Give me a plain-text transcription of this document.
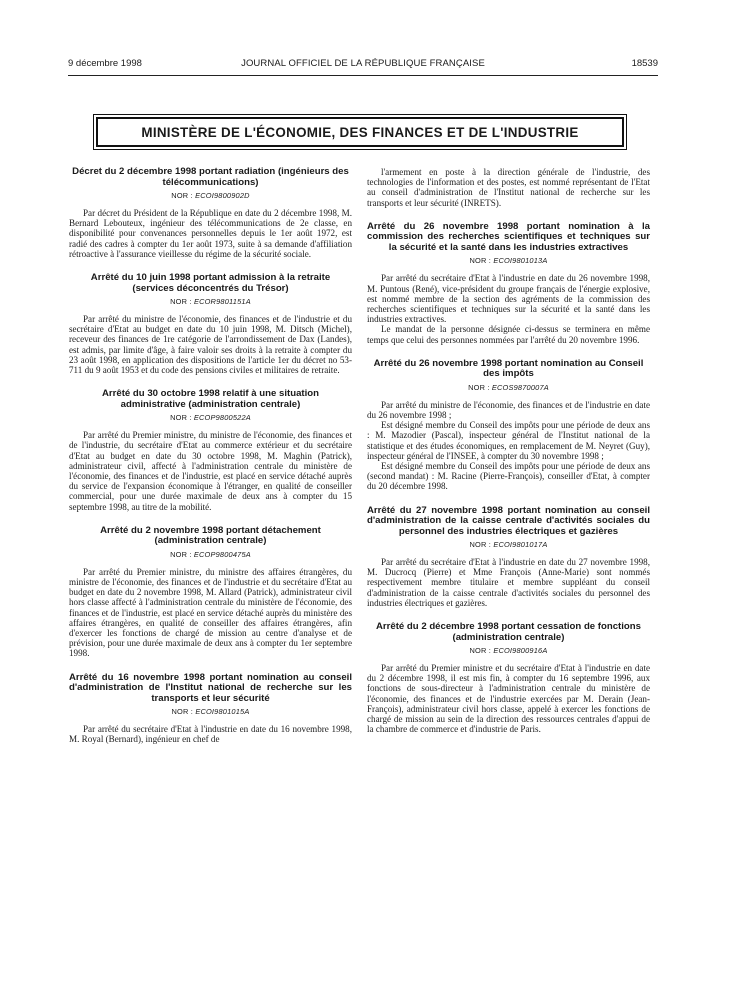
9 décembre 1998	JOURNAL OFFICIEL DE LA RÉPUBLIQUE FRANÇAISE	18539
MINISTÈRE DE L'ÉCONOMIE, DES FINANCES ET DE L'INDUSTRIE
Décret du 2 décembre 1998 portant radiation (ingénieurs des télécommunications)
NOR : ECOI9800902D

Par décret du Président de la République en date du 2 décembre 1998, M. Bernard Lebouteux, ingénieur des télécommunications de 2e classe, en disponibilité pour convenances personnelles depuis le 1er août 1972, est radié des cadres à compter du 1er août 1973, suite à sa demande d'affiliation rétroactive à l'assurance vieillesse du régime de la sécurité sociale.

Arrêté du 10 juin 1998 portant admission à la retraite (services déconcentrés du Trésor)
NOR : ECOR9801151A

Par arrêté du ministre de l'économie, des finances et de l'industrie et du secrétaire d'Etat au budget en date du 10 juin 1998, M. Ditsch (Michel), receveur des finances de 1re catégorie de l'arrondissement de Dax (Landes), est admis, par limite d'âge, à faire valoir ses droits à la retraite à compter du 23 août 1998, en application des dispositions de l'article 1er du décret no 53-711 du 9 août 1953 et du code des pensions civiles et militaires de retraite.

Arrêté du 30 octobre 1998 relatif à une situation administrative (administration centrale)
NOR : ECOP9800522A

Par arrêté du Premier ministre, du ministre de l'économie, des finances et de l'industrie, du secrétaire d'Etat au commerce extérieur et du secrétaire d'Etat au budget en date du 30 octobre 1998, M. Maghin (Patrick), administrateur civil, affecté à l'administration centrale du ministère de l'économie, des finances et de l'industrie, est placé en service détaché auprès du service de l'expansion économique à l'étranger, en qualité de conseiller commercial, pour une durée maximale de deux ans à compter du 15 septembre 1998, au titre de la mobilité.

Arrêté du 2 novembre 1998 portant détachement (administration centrale)
NOR : ECOP9800475A

Par arrêté du Premier ministre, du ministre des affaires étrangères, du ministre de l'économie, des finances et de l'industrie et du secrétaire d'Etat au budget en date du 2 novembre 1998, M. Allard (Patrick), administrateur civil hors classe affecté à l'administration centrale du ministère de l'économie, des finances et de l'industrie, est placé en service détaché auprès du ministère des affaires étrangères, en qualité de conseiller des affaires étrangères, afin d'exercer les fonctions de chargé de mission au centre d'analyse et de prévision, pour une durée maximale de deux ans à compter du 1er septembre 1998.

Arrêté du 16 novembre 1998 portant nomination au conseil d'administration de l'Institut national de recherche sur les transports et leur sécurité
NOR : ECOI9801015A

Par arrêté du secrétaire d'Etat à l'industrie en date du 16 novembre 1998, M. Royal (Bernard), ingénieur en chef de

l'armement en poste à la direction générale de l'industrie, des technologies de l'information et des postes, est nommé représentant de l'Etat au conseil d'administration de l'Institut national de recherche sur les transports et leur sécurité (INRETS).

Arrêté du 26 novembre 1998 portant nomination à la commission des recherches scientifiques et techniques sur la sécurité et la santé dans les industries extractives
NOR : ECOI9801013A

Par arrêté du secrétaire d'Etat à l'industrie en date du 26 novembre 1998, M. Puntous (René), vice-président du groupe français de l'énergie explosive, est nommé membre de la section des agréments de la commission des recherches scientifiques et techniques sur la sécurité et la santé dans les industries extractives.

Le mandat de la personne désignée ci-dessus se terminera en même temps que celui des personnes nommées par l'arrêté du 20 novembre 1996.

Arrêté du 26 novembre 1998 portant nomination au Conseil des impôts
NOR : ECOS9870007A

Par arrêté du ministre de l'économie, des finances et de l'industrie en date du 26 novembre 1998 ;

Est désigné membre du Conseil des impôts pour une période de deux ans : M. Mazodier (Pascal), inspecteur général de l'Institut national de la statistique et des études économiques, en remplacement de M. Neyret (Guy), inspecteur général de l'INSEE, à compter du 30 novembre 1998 ;

Est désigné membre du Conseil des impôts pour une période de deux ans (second mandat) : M. Racine (Pierre-François), conseiller d'Etat, à compter du 20 décembre 1998.

Arrêté du 27 novembre 1998 portant nomination au conseil d'administration de la caisse centrale d'activités sociales du personnel des industries électriques et gazières
NOR : ECOI9801017A

Par arrêté du secrétaire d'Etat à l'industrie en date du 27 novembre 1998, M. Ducrocq (Pierre) et Mme François (Anne-Marie) sont nommés respectivement membre titulaire et membre suppléant du conseil d'administration de la caisse centrale d'activités sociales du personnel des industries électriques et gazières.

Arrêté du 2 décembre 1998 portant cessation de fonctions (administration centrale)
NOR : ECOI9800916A

Par arrêté du Premier ministre et du secrétaire d'Etat à l'industrie en date du 2 décembre 1998, il est mis fin, à compter du 16 septembre 1996, aux fonctions de sous-directeur à l'administration centrale du ministère de l'économie, des finances et de l'industrie exercées par M. Derain (Jean-François), administrateur civil hors classe, appelé à exercer les fonctions de chargé de mission au sein de la direction des ressources centrales d'appui de la chambre de commerce et d'industrie de Paris.
